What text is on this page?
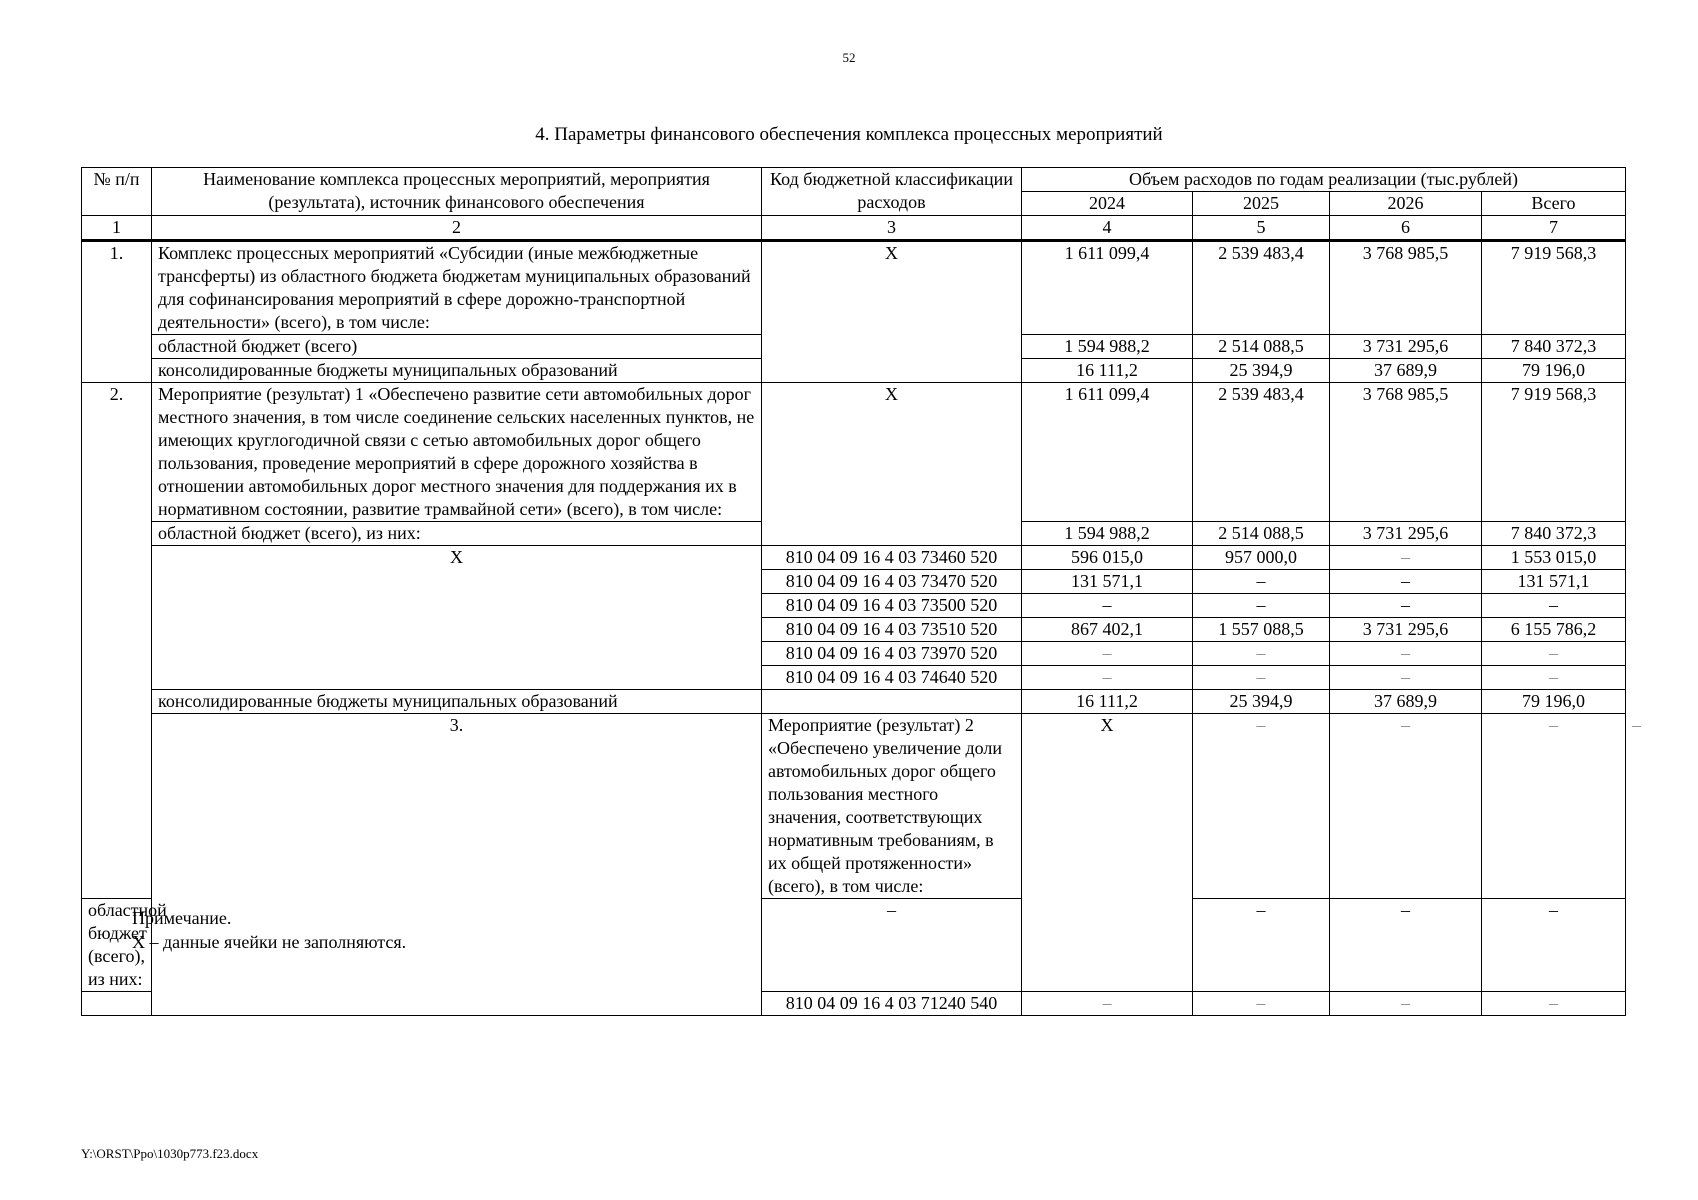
52
4. Параметры финансового обеспечения комплекса процессных мероприятий
№ п/п	Наименование комплекса процессных мероприятий, мероприятия (результата), источник финансового обеспечения	Код бюджетной классификации расходов	Объем расходов по годам реализации (тыс.рублей)				
			2024	2025	2026	Всего	
1	2	3	4	5	6	7	
1.	Комплекс процессных мероприятий «Субсидии (иные межбюджетные трансферты) из областного бюджета бюджетам муниципальных образований для софинансирования мероприятий в сфере дорожно-транспортной деятельности» (всего), в том числе:	Х	1 611 099,4	2 539 483,4	3 768 985,5	7 919 568,3	
	областной бюджет (всего)		1 594 988,2	2 514 088,5	3 731 295,6	7 840 372,3	
	консолидированные бюджеты муниципальных образований		16 111,2	25 394,9	37 689,9	79 196,0	
2.	Мероприятие (результат) 1 «Обеспечено развитие сети автомобильных дорог местного значения, в том числе соединение сельских населенных пунктов, не имеющих круглогодичной связи с сетью автомобильных дорог общего пользования, проведение мероприятий в сфере дорожного хозяйства в отношении автомобильных дорог местного значения для поддержания их в нормативном состоянии, развитие трамвайной сети» (всего), в том числе:	Х	1 611 099,4	2 539 483,4	3 768 985,5	7 919 568,3	
	областной бюджет (всего), из них:		1 594 988,2	2 514 088,5	3 731 295,6	7 840 372,3	
	Х	810 04 09 16 4 03 73460 520	596 015,0	957 000,0	–	1 553 015,0	
		810 04 09 16 4 03 73470 520	131 571,1	–	–	131 571,1	
		810 04 09 16 4 03 73500 520	–	–	–	–	
		810 04 09 16 4 03 73510 520	867 402,1	1 557 088,5	3 731 295,6	6 155 786,2	
		810 04 09 16 4 03 73970 520	–	–	–	–	
		810 04 09 16 4 03 74640 520	–	–	–	–	
	консолидированные бюджеты муниципальных образований		16 111,2	25 394,9	37 689,9	79 196,0	
	3.	Мероприятие (результат) 2 «Обеспечено увеличение доли автомобильных дорог общего пользования местного значения, соответствующих нормативным требованиям, в их общей протяженности» (всего), в том числе:	Х	–	–	–	–
областной бюджет (всего), из них:		–		–	–	–	
		810 04 09 16 4 03 71240 540	–	–	–	–	
Примечание.
Х – данные ячейки не заполняются.
Y:\ORST\Ppo\1030p773.f23.docx
